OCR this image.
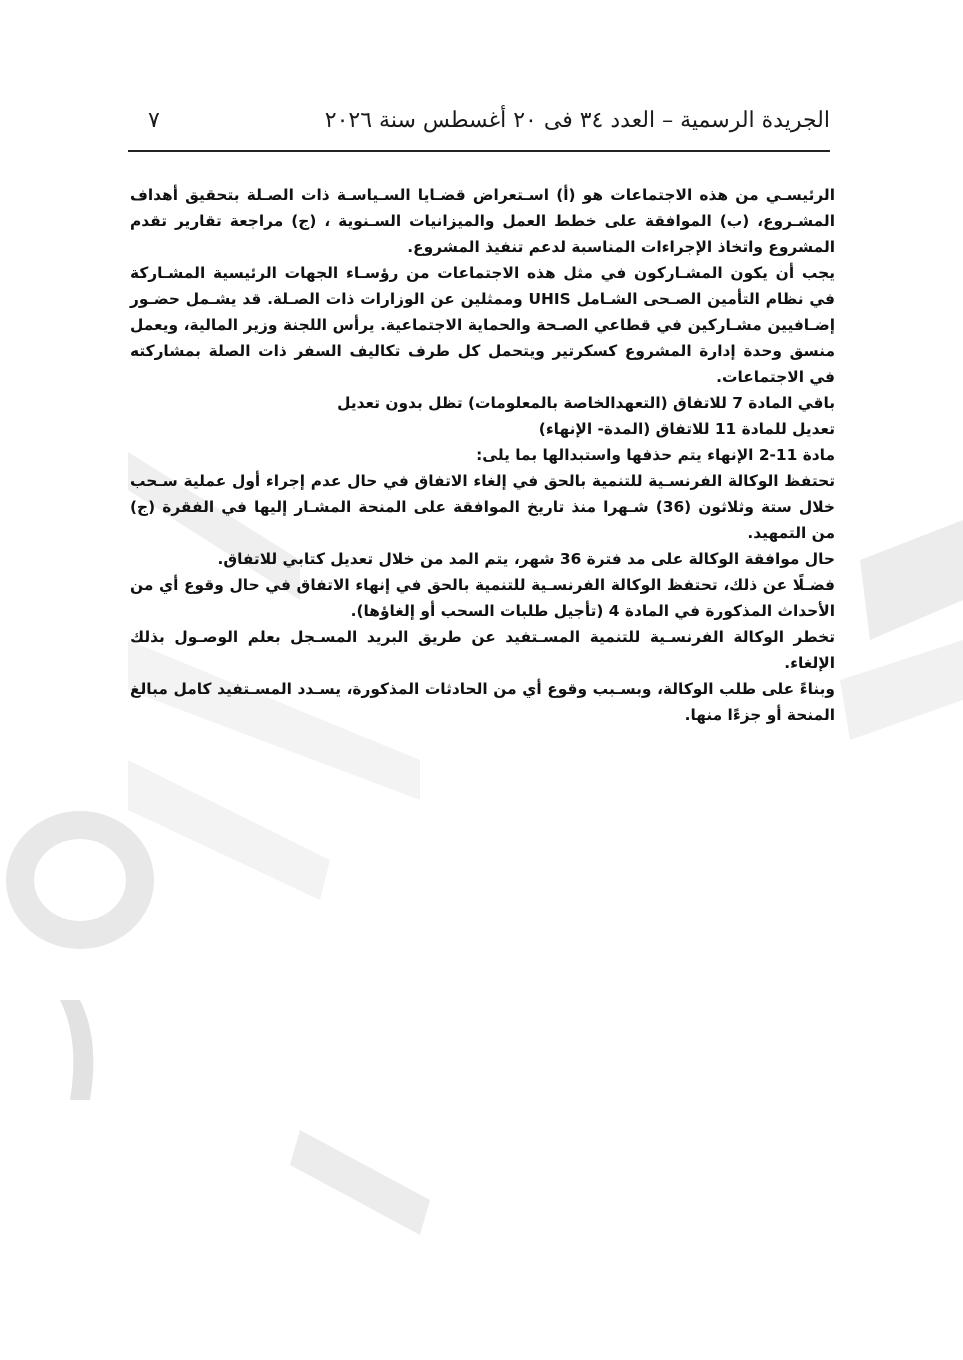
الجريدة الرسمية – العدد ٣٤ فى ٢٠ أغسطس سنة ٢٠٢٦
٧

الرئيسـي من هذه الاجتماعات هو (أ) اسـتعراض قضـايا السـياسـة ذات الصـلة بتحقيق أهداف المشـروع، (ب) الموافقة على خطط العمل والميزانيات السـنوية ، (ج) مراجعة تقارير تقدم المشروع واتخاذ الإجراءات المناسبة لدعم تنفيذ المشروع.

يجب أن يكون المشـاركون في مثل هذه الاجتماعات من رؤسـاء الجهات الرئيسية المشـاركة في نظام التأمين الصـحى الشـامل UHIS وممثلين عن الوزارات ذات الصـلة. قد يشـمل حضـور إضـافيين مشـاركين في قطاعي الصـحة والحماية الاجتماعية. يرأس اللجنة وزير المالية، ويعمل منسق وحدة إدارة المشروع كسكرتير ويتحمل كل طرف تكاليف السفر ذات الصلة بمشاركته في الاجتماعات.

باقي المادة 7 للاتفاق (التعهدالخاصة بالمعلومات) تظل بدون تعديل

تعديل للمادة 11 للاتفاق (المدة- الإنهاء)

مادة 11-2 الإنهاء يتم حذفها واستبدالها بما يلى:

تحتفظ الوكالة الفرنسـية للتنمية بالحق في إلغاء الاتفاق في حال عدم إجراء أول عملية سـحب خلال ستة وثلاثون (36) شـهرا منذ تاريخ الموافقة على المنحة المشـار إليها في الفقرة (ج) من التمهيد.

حال موافقة الوكالة على مد فترة 36 شهر، يتم المد من خلال تعديل كتابي للاتفاق.

فضـلًا عن ذلك، تحتفظ الوكالة الفرنسـية للتنمية بالحق في إنهاء الاتفاق في حال وقوع أي من الأحداث المذكورة في المادة 4 (تأجيل طلبات السحب أو إلغاؤها).

تخطر الوكالة الفرنسـية للتنمية المسـتفيد عن طريق البريد المسـجل بعلم الوصـول بذلك الإلغاء.

وبناءً على طلب الوكالة، وبسـبب وقوع أي من الحادثات المذكورة، يسـدد المسـتفيد كامل مبالغ المنحة أو جزءًا منها.
